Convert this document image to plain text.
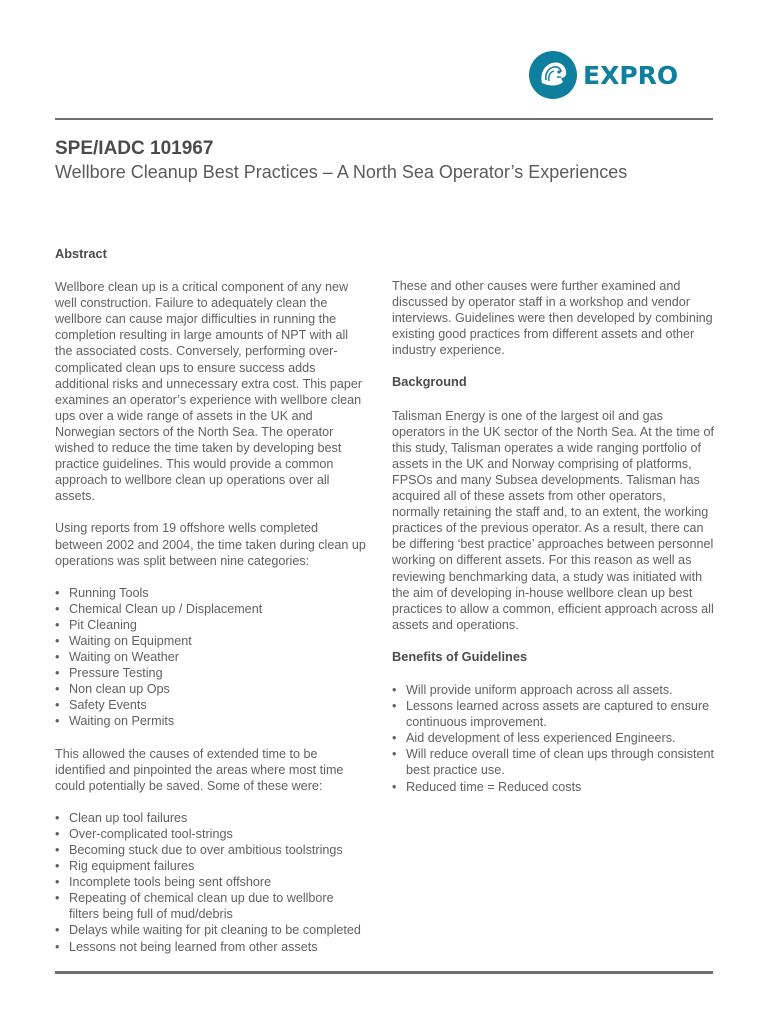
EXPRO
SPE/IADC 101967
Wellbore Cleanup Best Practices – A North Sea Operator’s Experiences

Abstract

Wellbore clean up is a critical component of any new well construction. Failure to adequately clean the wellbore can cause major difficulties in running the completion resulting in large amounts of NPT with all the associated costs. Conversely, performing over-complicated clean ups to ensure success adds additional risks and unnecessary extra cost. This paper examines an operator’s experience with wellbore clean ups over a wide range of assets in the UK and Norwegian sectors of the North Sea. The operator wished to reduce the time taken by developing best practice guidelines. This would provide a common approach to wellbore clean up operations over all assets.

Using reports from 19 offshore wells completed between 2002 and 2004, the time taken during clean up operations was split between nine categories:

• Running Tools
• Chemical Clean up / Displacement
• Pit Cleaning
• Waiting on Equipment
• Waiting on Weather
• Pressure Testing
• Non clean up Ops
• Safety Events
• Waiting on Permits

This allowed the causes of extended time to be identified and pinpointed the areas where most time could potentially be saved. Some of these were:

• Clean up tool failures
• Over-complicated tool-strings
• Becoming stuck due to over ambitious toolstrings
• Rig equipment failures
• Incomplete tools being sent offshore
• Repeating of chemical clean up due to wellbore filters being full of mud/debris
• Delays while waiting for pit cleaning to be completed
• Lessons not being learned from other assets

These and other causes were further examined and discussed by operator staff in a workshop and vendor interviews. Guidelines were then developed by combining existing good practices from different assets and other industry experience.

Background

Talisman Energy is one of the largest oil and gas operators in the UK sector of the North Sea. At the time of this study, Talisman operates a wide ranging portfolio of assets in the UK and Norway comprising of platforms, FPSOs and many Subsea developments. Talisman has acquired all of these assets from other operators, normally retaining the staff and, to an extent, the working practices of the previous operator. As a result, there can be differing ‘best practice’ approaches between personnel working on different assets. For this reason as well as reviewing benchmarking data, a study was initiated with the aim of developing in-house wellbore clean up best practices to allow a common, efficient approach across all assets and operations.

Benefits of Guidelines

• Will provide uniform approach across all assets.
• Lessons learned across assets are captured to ensure continuous improvement.
• Aid development of less experienced Engineers.
• Will reduce overall time of clean ups through consistent best practice use.
• Reduced time = Reduced costs
